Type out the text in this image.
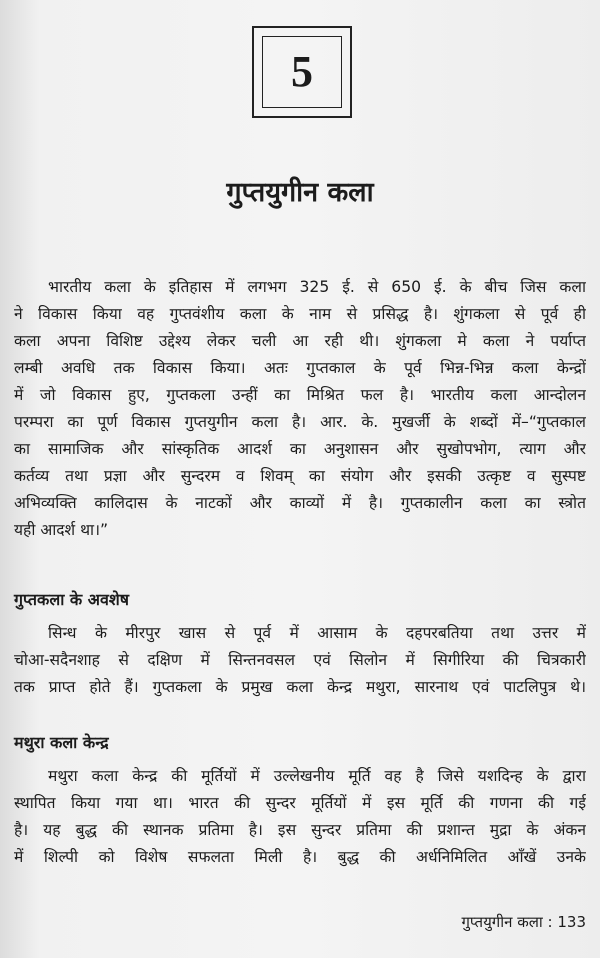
5
गुप्तयुगीन कला
भारतीय कला के इतिहास में लगभग 325 ई. से 650 ई. के बीच जिस कला
ने विकास किया वह गुप्तवंशीय कला के नाम से प्रसिद्ध है। शुंगकला से पूर्व ही
कला अपना विशिष्ट उद्देश्य लेकर चली आ रही थी। शुंगकला मे कला ने पर्याप्त
लम्बी अवधि तक विकास किया। अतः गुप्तकाल के पूर्व भिन्न-भिन्न कला केन्द्रों
में जो विकास हुए, गुप्तकला उन्हीं का मिश्रित फल है। भारतीय कला आन्दोलन
परम्परा का पूर्ण विकास गुप्तयुगीन कला है। आर. के. मुखर्जी के शब्दों में–“गुप्तकाल
का सामाजिक और सांस्कृतिक आदर्श का अनुशासन और सुखोपभोग, त्याग और
कर्तव्य तथा प्रज्ञा और सुन्दरम व शिवम् का संयोग और इसकी उत्कृष्ट व सुस्पष्ट
अभिव्यक्ति कालिदास के नाटकों और काव्यों में है। गुप्तकालीन कला का स्त्रोत
यही आदर्श था।”
गुप्तकला के अवशेष
सिन्ध के मीरपुर खास से पूर्व में आसाम के दहपरबतिया तथा उत्तर में
चोआ-सदैनशाह से दक्षिण में सिन्तनवसल एवं सिलोन में सिगीरिया की चित्रकारी
तक प्राप्त होते हैं। गुप्तकला के प्रमुख कला केन्द्र मथुरा, सारनाथ एवं पाटलिपुत्र थे।
मथुरा कला केन्द्र
मथुरा कला केन्द्र की मूर्तियों में उल्लेखनीय मूर्ति वह है जिसे यशदिन्ह के द्वारा
स्थापित किया गया था। भारत की सुन्दर मूर्तियों में इस मूर्ति की गणना की गई
है। यह बुद्ध की स्थानक प्रतिमा है। इस सुन्दर प्रतिमा की प्रशान्त मुद्रा के अंकन
में शिल्पी को विशेष सफलता मिली है। बुद्ध की अर्धनिमिलित आँखें उनके
गुप्तयुगीन कला : 133
